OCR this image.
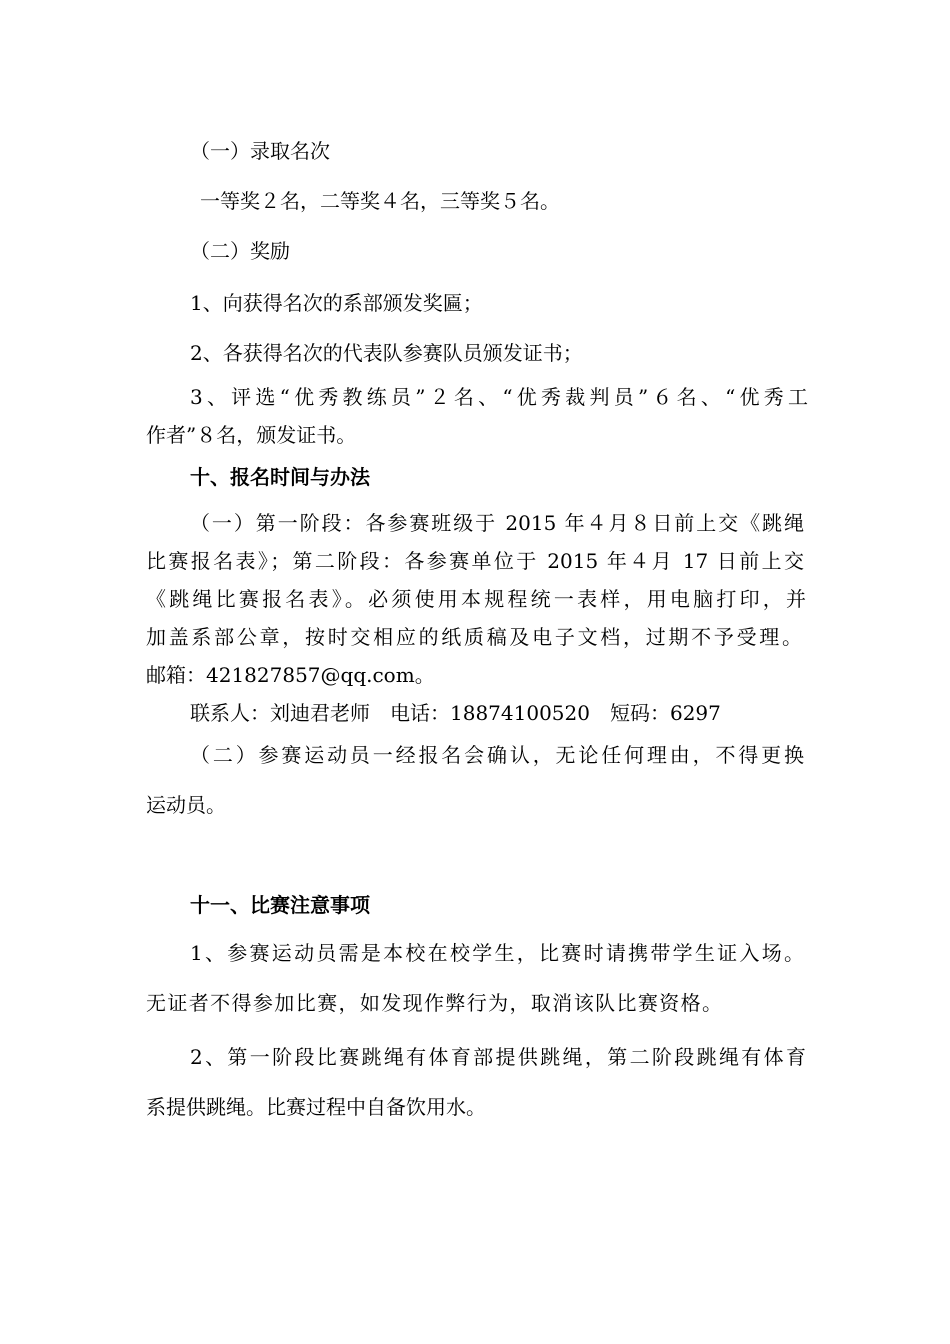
（一）录取名次

一等奖２名，二等奖４名，三等奖５名。

（二）奖励

1、向获得名次的系部颁发奖匾；

2、各获得名次的代表队参赛队员颁发证书；

3、评选“优秀教练员”２名、“优秀裁判员”６名、“优秀工

作者”８名，颁发证书。

十、报名时间与办法

（一）第一阶段：各参赛班级于 2015 年４月８日前上交《跳绳

比赛报名表》；第二阶段：各参赛单位于 2015 年４月 17 日前上交

《跳绳比赛报名表》。必须使用本规程统一表样，用电脑打印，并

加盖系部公章，按时交相应的纸质稿及电子文档，过期不予受理。

邮箱：421827857@qq.com。

联系人：刘迪君老师　电话：18874100520　短码：6297

（二）参赛运动员一经报名会确认，无论任何理由，不得更换

运动员。

十一、比赛注意事项

1、参赛运动员需是本校在校学生，比赛时请携带学生证入场。

无证者不得参加比赛，如发现作弊行为，取消该队比赛资格。

2、第一阶段比赛跳绳有体育部提供跳绳，第二阶段跳绳有体育

系提供跳绳。比赛过程中自备饮用水。
